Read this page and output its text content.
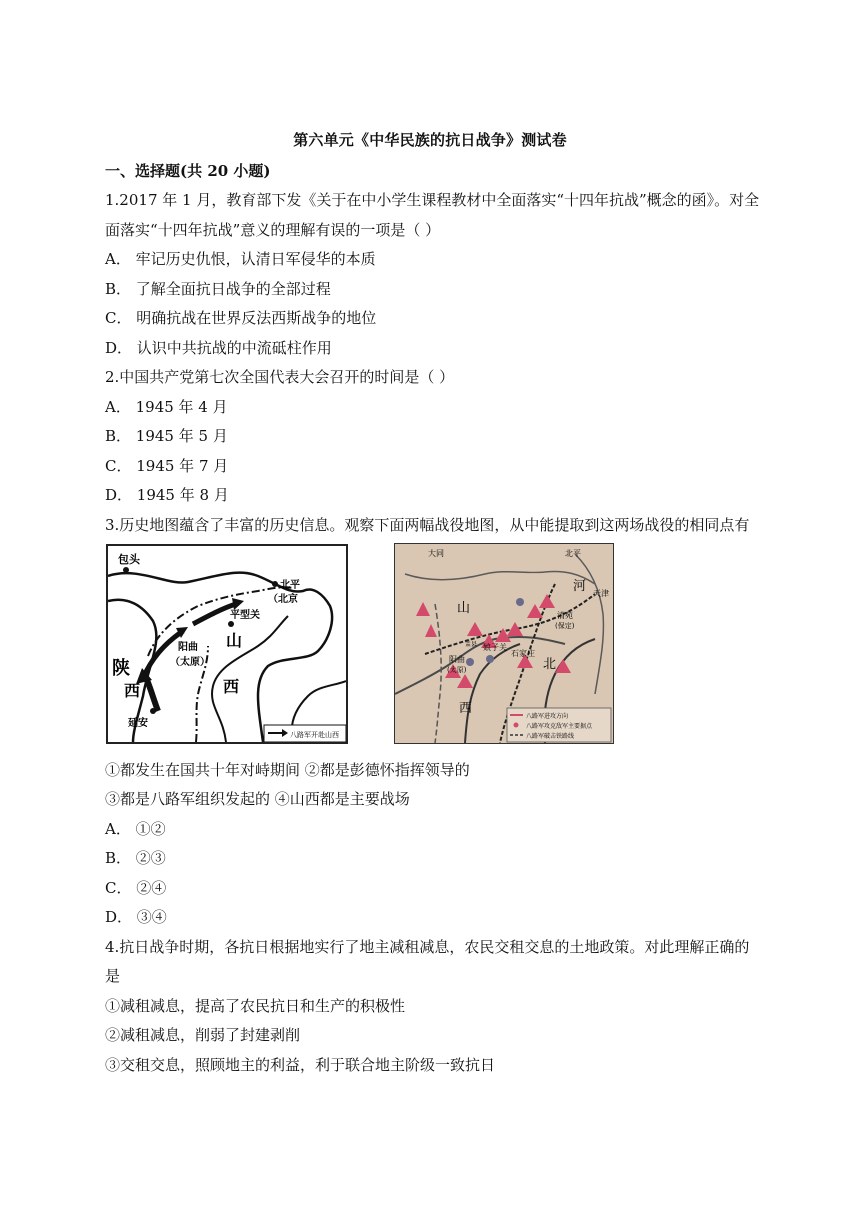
第六单元《中华民族的抗日战争》测试卷
一、选择题(共 20 小题)
1.2017 年 1 月，教育部下发《关于在中小学生课程教材中全面落实“十四年抗战”概念的函》。对全
面落实“十四年抗战”意义的理解有误的一项是（ ）
A． 牢记历史仇恨，认清日军侵华的本质
B． 了解全面抗日战争的全部过程
C． 明确抗战在世界反法西斯战争的地位
D． 认识中共抗战的中流砥柱作用
2.中国共产党第七次全国代表大会召开的时间是（ ）
A． 1945 年 4 月
B． 1945 年 5 月
C． 1945 年 7 月
D． 1945 年 8 月
3.历史地图蕴含了丰富的历史信息。观察下面两幅战役地图，从中能提取到这两场战役的相同点有
包头
北平
（北京
平型关
山
阳曲
（太原）
西
陕
西
延安
八路军开赴山西
大同	北平
河 天津
山	清苑
(保定)
阳曲
(太原)
娘子关
石家庄
北
西
盂县
八路军进攻方向
八路军攻克敌军主要据点
八路军破击铁路线
①都发生在国共十年对峙期间 ②都是彭德怀指挥领导的
③都是八路军组织发起的 ④山西都是主要战场
A． ①②
B． ②③
C． ②④
D． ③④
4.抗日战争时期，各抗日根据地实行了地主减租减息，农民交租交息的土地政策。对此理解正确的
是
①减租减息，提高了农民抗日和生产的积极性
②减租减息，削弱了封建剥削
③交租交息，照顾地主的利益，利于联合地主阶级一致抗日
